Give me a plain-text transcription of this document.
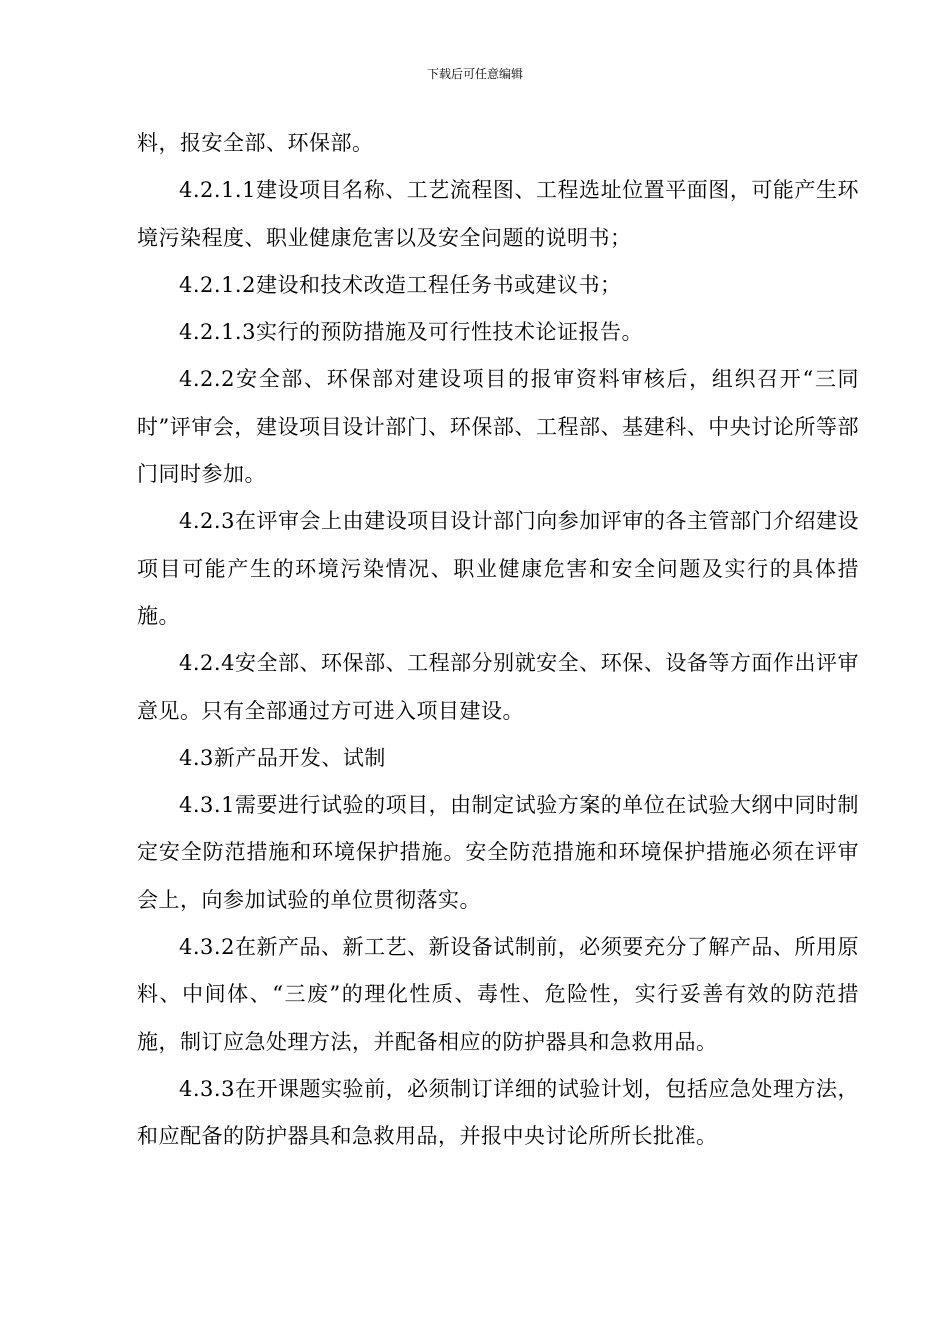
下载后可任意编辑

料，报安全部、环保部。

4.2.1.1建设项目名称、工艺流程图、工程选址位置平面图，可能产生环境污染程度、职业健康危害以及安全问题的说明书；

4.2.1.2建设和技术改造工程任务书或建议书；

4.2.1.3实行的预防措施及可行性技术论证报告。

4.2.2安全部、环保部对建设项目的报审资料审核后，组织召开“三同时”评审会，建设项目设计部门、环保部、工程部、基建科、中央讨论所等部门同时参加。

4.2.3在评审会上由建设项目设计部门向参加评审的各主管部门介绍建设项目可能产生的环境污染情况、职业健康危害和安全问题及实行的具体措施。

4.2.4安全部、环保部、工程部分别就安全、环保、设备等方面作出评审意见。只有全部通过方可进入项目建设。

4.3新产品开发、试制

4.3.1需要进行试验的项目，由制定试验方案的单位在试验大纲中同时制定安全防范措施和环境保护措施。安全防范措施和环境保护措施必须在评审会上，向参加试验的单位贯彻落实。

4.3.2在新产品、新工艺、新设备试制前，必须要充分了解产品、所用原料、中间体、“三废”的理化性质、毒性、危险性，实行妥善有效的防范措施，制订应急处理方法，并配备相应的防护器具和急救用品。

4.3.3在开课题实验前，必须制订详细的试验计划，包括应急处理方法，和应配备的防护器具和急救用品，并报中央讨论所所长批准。
